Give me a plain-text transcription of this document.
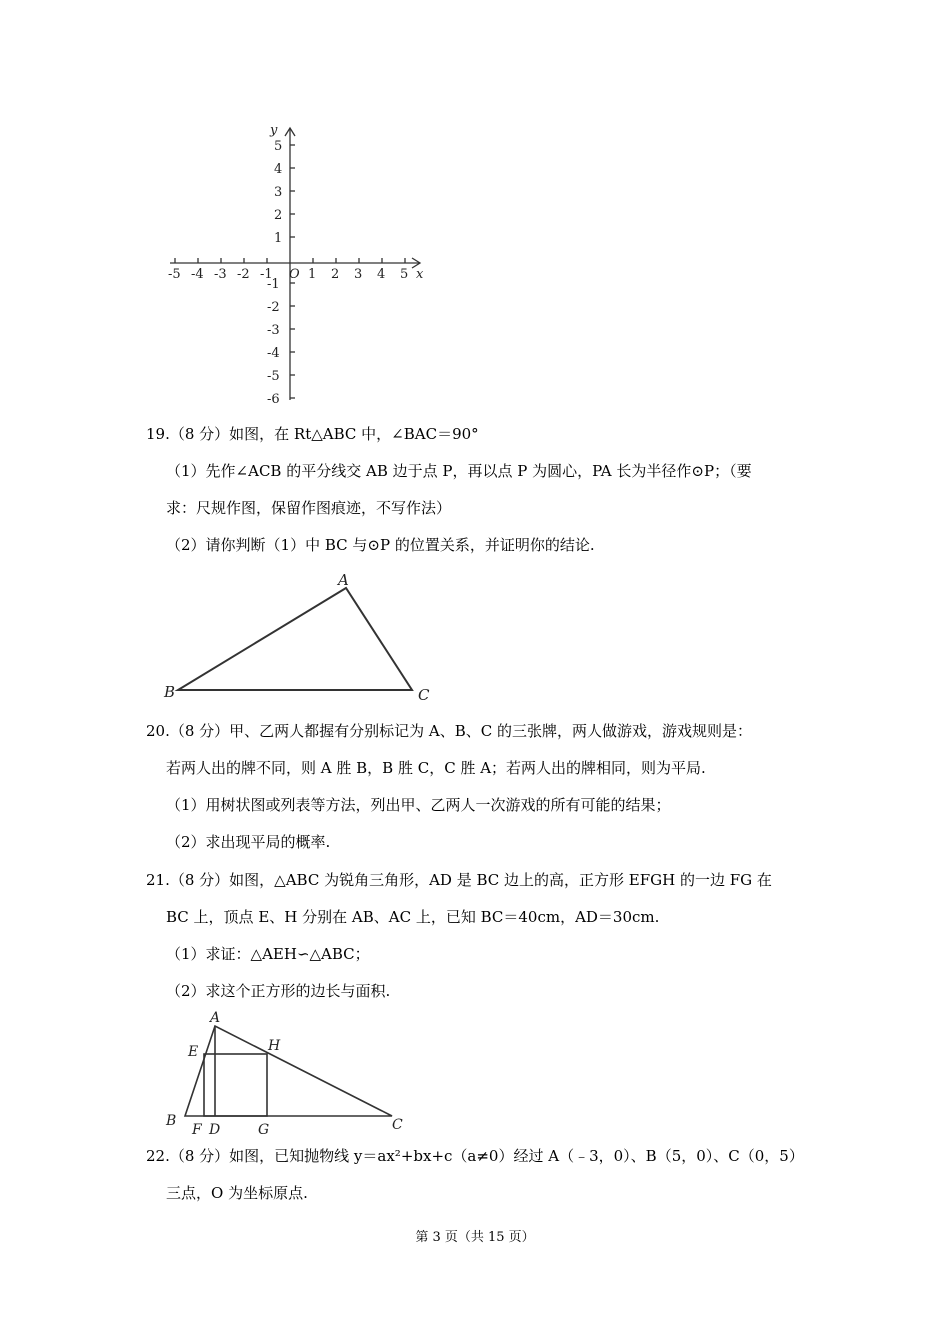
-5 -4 -3 -2 -1	1 2 3 4 5 x
O
y
5
4
3
2
1
-1
-2
-3
-4
-5
-6
19.（8 分）如图，在 Rt△ABC 中，∠BAC＝90°
（1）先作∠ACB 的平分线交 AB 边于点 P，再以点 P 为圆心，PA 长为半径作⊙P；（要
求：尺规作图，保留作图痕迹，不写作法）
（2）请你判断（1）中 BC 与⊙P 的位置关系，并证明你的结论.
A
B	C
20.（8 分）甲、乙两人都握有分别标记为 A、B、C 的三张牌，两人做游戏，游戏规则是：
若两人出的牌不同，则 A 胜 B，B 胜 C，C 胜 A；若两人出的牌相同，则为平局.
（1）用树状图或列表等方法，列出甲、乙两人一次游戏的所有可能的结果；
（2）求出现平局的概率.
21.（8 分）如图，△ABC 为锐角三角形，AD 是 BC 边上的高，正方形 EFGH 的一边 FG 在
BC 上，顶点 E、H 分别在 AB、AC 上，已知 BC＝40cm，AD＝30cm.
（1）求证：△AEH∽△ABC；
（2）求这个正方形的边长与面积.
A
E	H
B
F D	G	C
22.（8 分）如图，已知抛物线 y＝ax²+bx+c（a≠0）经过 A（﹣3，0）、B（5，0）、C（0，5）
三点，O 为坐标原点.
第 3 页（共 15 页）
